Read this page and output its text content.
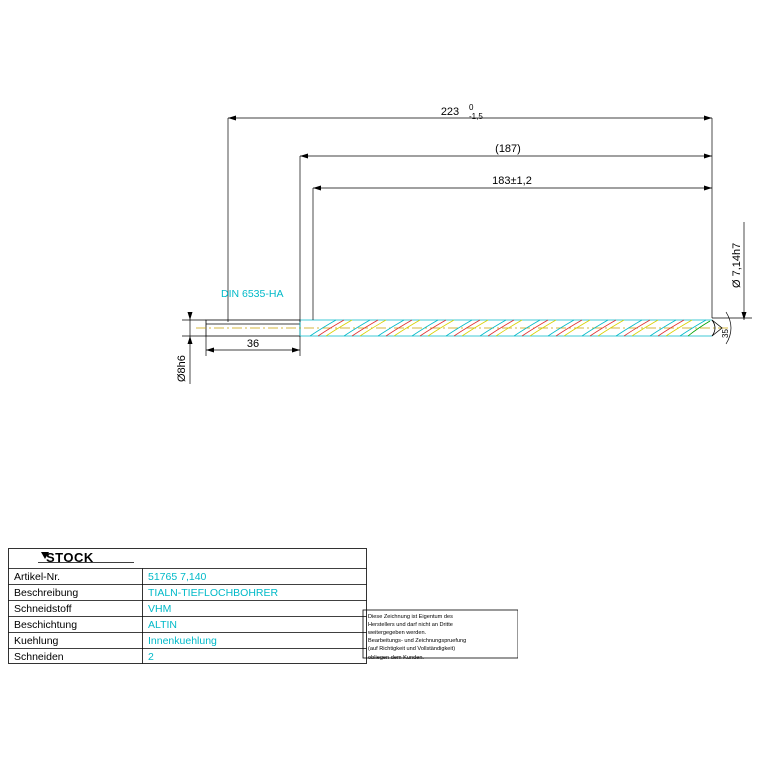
223 0
-1,5
(187)
183±1,2
36
Ø8h6
Ø 7,14h7
35
DIN 6535-HA
STOCK
Artikel-Nr.	51765 7,140
Beschreibung	TIALN-TIEFLOCHBOHRER
Schneidstoff	VHM
Beschichtung	ALTIN
Kuehlung	Innenkuehlung
Schneiden	2
Diese Zeichnung ist Eigentum des
Herstellers und darf nicht an Dritte
weitergegeben werden.
Bearbeitungs- und Zeichnungspruefung
(auf Richtigkeit und Vollständigkeit)
obliegen dem Kunden.
